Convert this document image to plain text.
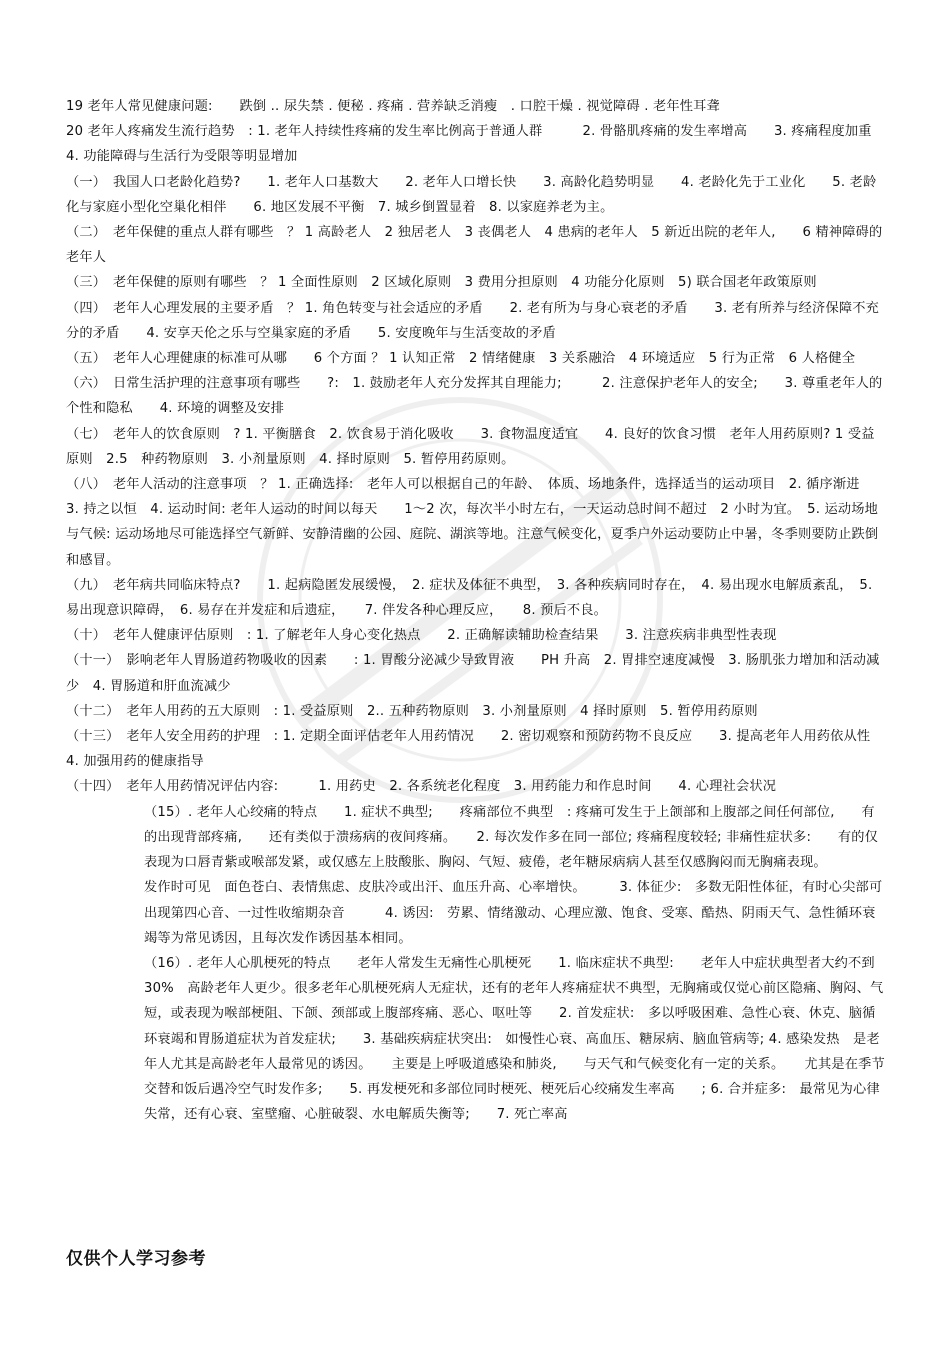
19 老年人常见健康问题:　　跌倒 .. 尿失禁 . 便秘 . 疼痛 . 营养缺乏消瘦　. 口腔干燥 . 视觉障碍 . 老年性耳聋

20 老年人疼痛发生流行趋势　: 1. 老年人持续性疼痛的发生率比例高于普通人群　　　2. 骨骼肌疼痛的发生率增高　　3. 疼痛程度加重　4. 功能障碍与生活行为受限等明显增加

（一）　我国人口老龄化趋势?　　1. 老年人口基数大　　2. 老年人口增长快　　3. 高龄化趋势明显　　4. 老龄化先于工业化　　5. 老龄化与家庭小型化空巢化相伴　　6. 地区发展不平衡　7. 城乡倒置显着　8. 以家庭养老为主。

（二）　老年保健的重点人群有哪些　？ 1 高龄老人　2 独居老人　3 丧偶老人　4 患病的老年人　5 新近出院的老年人,　　6 精神障碍的老年人

（三）　老年保健的原则有哪些　？ 1 全面性原则　2 区域化原则　3 费用分担原则　4 功能分化原则　5) 联合国老年政策原则

（四）　老年人心理发展的主要矛盾　？ 1. 角色转变与社会适应的矛盾　　2. 老有所为与身心衰老的矛盾　　3. 老有所养与经济保障不充分的矛盾　　4. 安享天伦之乐与空巢家庭的矛盾　　5. 安度晚年与生活变故的矛盾

（五）　老年人心理健康的标准可从哪　　6 个方面 ？ 1 认知正常　2 情绪健康　3 关系融洽　4 环境适应　5 行为正常　6 人格健全

（六）　日常生活护理的注意事项有哪些　　?:　1. 鼓励老年人充分发挥其自理能力;　　　2. 注意保护老年人的安全;　　3. 尊重老年人的个性和隐私　　4. 环境的调整及安排

（七）　老年人的饮食原则　? 1. 平衡膳食　2. 饮食易于消化吸收　　3. 食物温度适宜　　4. 良好的饮食习惯　老年人用药原则? 1 受益原则　2.5　种药物原则　3. 小剂量原则　4. 择时原则　5. 暂停用药原则。

（八）　老年人活动的注意事项　？ 1. 正确选择:　老年人可以根据自己的年龄、　体质、场地条件，选择适当的运动项目　2. 循序渐进　3. 持之以恒　4. 运动时间: 老年人运动的时间以每天　　1～2 次，每次半小时左右，一天运动总时间不超过　2 小时为宜。　5. 运动场地与气候: 运动场地尽可能选择空气新鲜、安静清幽的公园、庭院、湖滨等地。注意气候变化，夏季户外运动要防止中暑，冬季则要防止跌倒和感冒。

（九）　老年病共同临床特点?　　1. 起病隐匿发展缓慢，　2. 症状及体征不典型，　3. 各种疾病同时存在，　4. 易出现水电解质紊乱，　5. 易出现意识障碍，　6. 易存在并发症和后遗症，　　7. 伴发各种心理反应，　　8. 预后不良。

（十）　老年人健康评估原则　: 1. 了解老年人身心变化热点　　2. 正确解读辅助检查结果　　3. 注意疾病非典型性表现

（十一）　影响老年人胃肠道药物吸收的因素　　: 1. 胃酸分泌减少导致胃液　　PH 升高　2. 胃排空速度减慢　3. 肠肌张力增加和活动减少　4. 胃肠道和肝血流减少

（十二）　老年人用药的五大原则　: 1. 受益原则　2.. 五种药物原则　3. 小剂量原则　4 择时原则　5. 暂停用药原则

（十三）　老年人安全用药的护理　: 1. 定期全面评估老年人用药情况　　2. 密切观察和预防药物不良反应　　3. 提高老年人用药依从性　4. 加强用药的健康指导

（十四）　老年人用药情况评估内容:　　　1. 用药史　2. 各系统老化程度　3. 用药能力和作息时间　　4. 心理社会状况

（15）. 老年人心绞痛的特点　　1. 症状不典型;　　疼痛部位不典型　: 疼痛可发生于上颌部和上腹部之间任何部位,　　有的出现背部疼痛,　　还有类似于溃疡病的夜间疼痛。　　2. 每次发作多在同一部位; 疼痛程度较轻; 非痛性症状多:　　有的仅表现为口唇青紫或喉部发紧，或仅感左上肢酸胀、胸闷、气短、疲倦，老年糖尿病病人甚至仅感胸闷而无胸痛表现。　　　　发作时可见　面色苍白、表情焦虑、皮肤冷或出汗、血压升高、心率增快。　　　3. 体征少:　多数无阳性体征，有时心尖部可出现第四心音、一过性收缩期杂音　　　4. 诱因:　劳累、情绪激动、心理应激、饱食、受寒、酷热、阴雨天气、急性循环衰竭等为常见诱因，且每次发作诱因基本相同。

（16）. 老年人心肌梗死的特点　　老年人常发生无痛性心肌梗死　　1. 临床症状不典型:　　老年人中症状典型者大约不到　30%　高龄老年人更少。很多老年心肌梗死病人无症状，还有的老年人疼痛症状不典型，无胸痛或仅觉心前区隐痛、胸闷、气短，或表现为喉部梗阻、下颌、颈部或上腹部疼痛、恶心、呕吐等　　2. 首发症状:　多以呼吸困难、急性心衰、休克、脑循环衰竭和胃肠道症状为首发症状;　　3. 基础疾病症状突出:　如慢性心衰、高血压、糖尿病、脑血管病等; 4. 感染发热　是老年人尤其是高龄老年人最常见的诱因。　　主要是上呼吸道感染和肺炎,　　与天气和气候变化有一定的关系。　　尤其是在季节交替和饭后遇冷空气时发作多;　　5. 再发梗死和多部位同时梗死、梗死后心绞痛发生率高　　; 6. 合并症多:　最常见为心律失常，还有心衰、室壁瘤、心脏破裂、水电解质失衡等;　　7. 死亡率高

仅供个人学习参考
